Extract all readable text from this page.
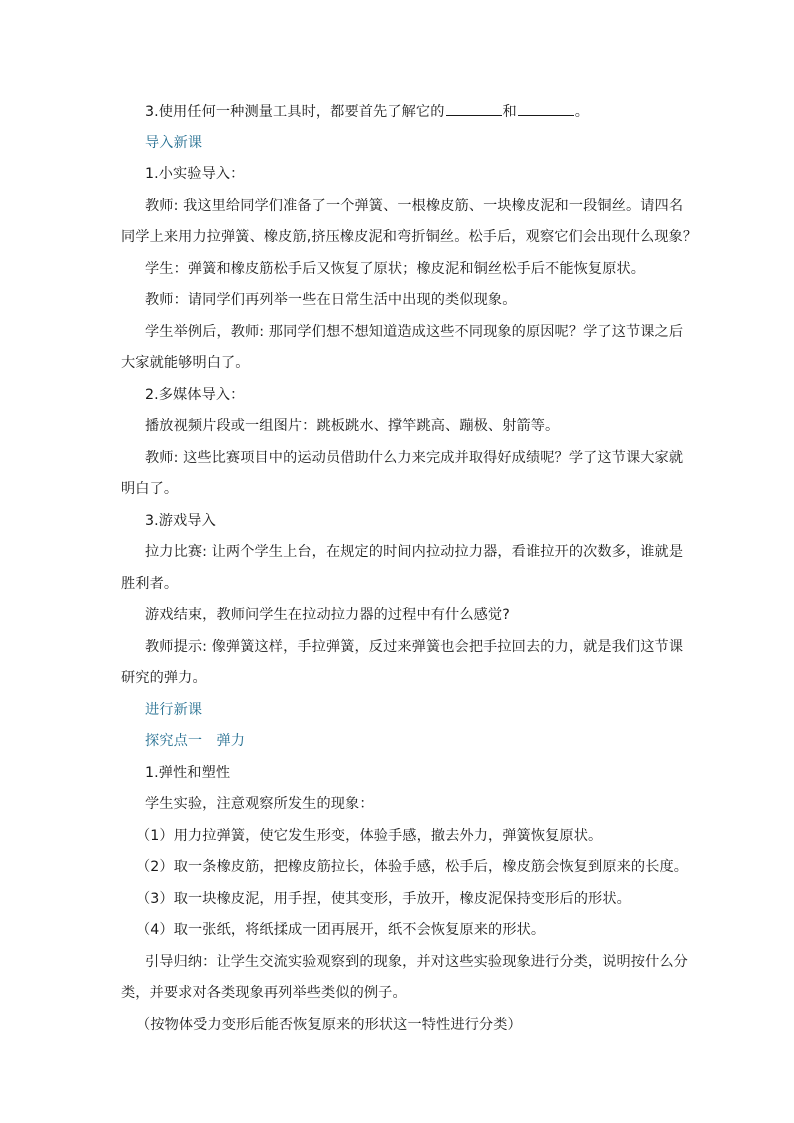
3.使用任何一种测量工具时，都要首先了解它的	和	。
导入新课
1.小实验导入：
教师: 我这里给同学们准备了一个弹簧、一根橡皮筋、一块橡皮泥和一段铜丝。请四名
同学上来用力拉弹簧、橡皮筋,挤压橡皮泥和弯折铜丝。松手后，观察它们会出现什么现象？
学生：弹簧和橡皮筋松手后又恢复了原状；橡皮泥和铜丝松手后不能恢复原状。
教师：请同学们再列举一些在日常生活中出现的类似现象。
学生举例后，教师: 那同学们想不想知道造成这些不同现象的原因呢？学了这节课之后
大家就能够明白了。
2.多媒体导入：
播放视频片段或一组图片：跳板跳水、撑竿跳高、蹦极、射箭等。
教师: 这些比赛项目中的运动员借助什么力来完成并取得好成绩呢？学了这节课大家就
明白了。
3.游戏导入
拉力比赛: 让两个学生上台，在规定的时间内拉动拉力器，看谁拉开的次数多，谁就是
胜利者。
游戏结束，教师问学生在拉动拉力器的过程中有什么感觉?
教师提示: 像弹簧这样，手拉弹簧，反过来弹簧也会把手拉回去的力，就是我们这节课
研究的弹力。
进行新课
探究点一　弹力
1.弹性和塑性
学生实验，注意观察所发生的现象：
（1）用力拉弹簧，使它发生形变，体验手感，撤去外力，弹簧恢复原状。
（2）取一条橡皮筋，把橡皮筋拉长，体验手感，松手后，橡皮筋会恢复到原来的长度。
（3）取一块橡皮泥，用手捏，使其变形，手放开，橡皮泥保持变形后的形状。
（4）取一张纸，将纸揉成一团再展开，纸不会恢复原来的形状。
引导归纳：让学生交流实验观察到的现象，并对这些实验现象进行分类，说明按什么分
类，并要求对各类现象再列举些类似的例子。
（按物体受力变形后能否恢复原来的形状这一特性进行分类）
